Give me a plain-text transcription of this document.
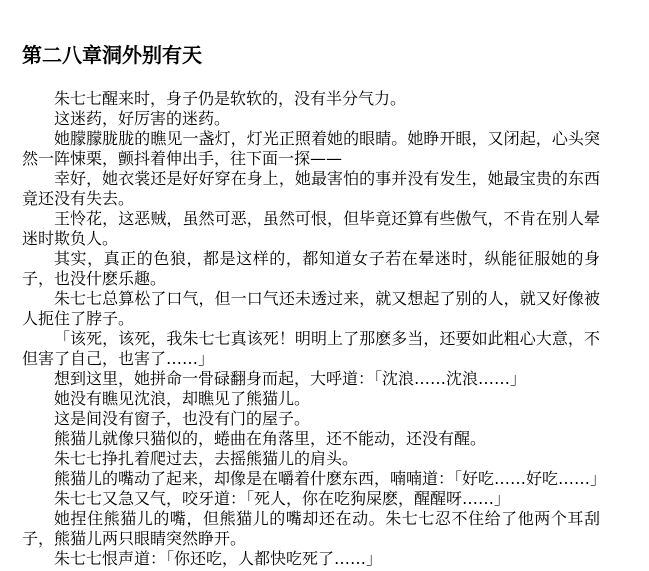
第二八章洞外别有天

朱七七醒来时，身子仍是软软的，没有半分气力。

这迷药，好厉害的迷药。

她朦朦胧胧的瞧见一盏灯，灯光正照着她的眼睛。她睁开眼，又闭起，心头突然一阵悚栗，颤抖着伸出手，往下面一探——

幸好，她衣裳还是好好穿在身上，她最害怕的事并没有发生，她最宝贵的东西竟还没有失去。

王怜花，这恶贼，虽然可恶，虽然可恨，但毕竟还算有些傲气，不肯在别人晕迷时欺负人。

其实，真正的色狼，都是这样的，都知道女子若在晕迷时，纵能征服她的身子，也没什麽乐趣。

朱七七总算松了口气，但一口气还未透过来，就又想起了别的人，就又好像被人扼住了脖子。

「该死，该死，我朱七七真该死！明明上了那麽多当，还要如此粗心大意，不但害了自己，也害了……」

想到这里，她拼命一骨碌翻身而起，大呼道：「沈浪……沈浪……」

她没有瞧见沈浪，却瞧见了熊猫儿。

这是间没有窗子，也没有门的屋子。

熊猫儿就像只猫似的，蜷曲在角落里，还不能动，还没有醒。

朱七七挣扎着爬过去，去摇熊猫儿的肩头。

熊猫儿的嘴动了起来，却像是在嚼着什麽东西，喃喃道：「好吃……好吃……」

朱七七又急又气，咬牙道：「死人，你在吃狗屎麽，醒醒呀……」

她捏住熊猫儿的嘴，但熊猫儿的嘴却还在动。朱七七忍不住给了他两个耳刮子，熊猫儿两只眼睛突然睁开。

朱七七恨声道：「你还吃，人都快吃死了……」
